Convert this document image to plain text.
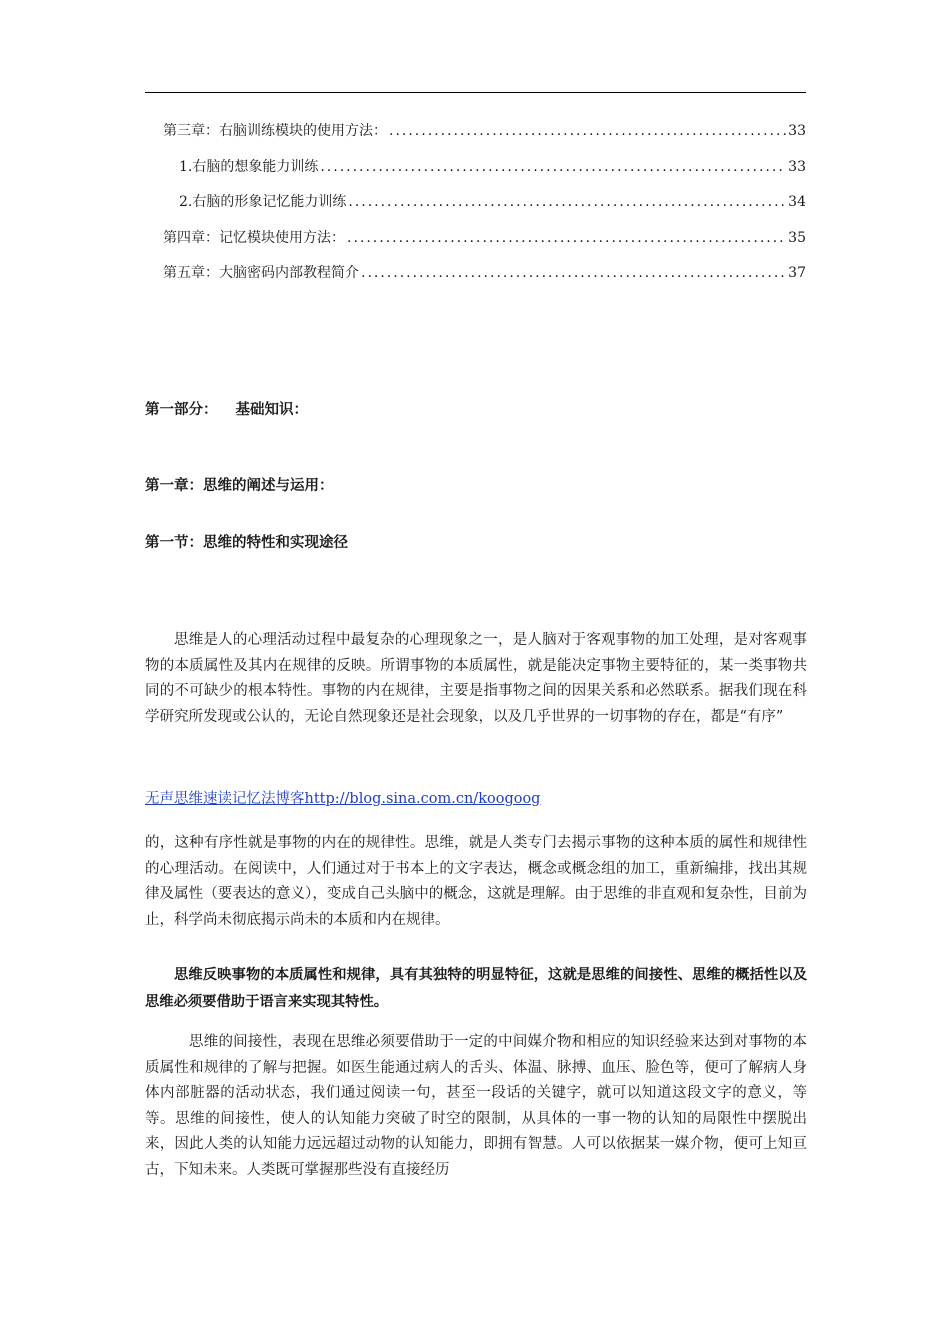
第三章：右脑训练模块的使用方法： .....	33
1.右脑的想象能力训练 .....	33
2.右脑的形象记忆能力训练 .....	34
第四章：记忆模块使用方法： .....	35
第五章：大脑密码内部教程简介 .....	37
第一部分： 基础知识：
第一章：思维的阐述与运用：
第一节：思维的特性和实现途径
思维是人的心理活动过程中最复杂的心理现象之一，是人脑对于客观事物的加工处理，是对客观事物的本质属性及其内在规律的反映。所谓事物的本质属性，就是能决定事物主要特征的，某一类事物共同的不可缺少的根本特性。事物的内在规律，主要是指事物之间的因果关系和必然联系。据我们现在科学研究所发现或公认的，无论自然现象还是社会现象，以及几乎世界的一切事物的存在，都是“有序”
无声思维速读记忆法博客http://blog.sina.com.cn/koogoog
的，这种有序性就是事物的内在的规律性。思维，就是人类专门去揭示事物的这种本质的属性和规律性的心理活动。在阅读中，人们通过对于书本上的文字表达，概念或概念组的加工，重新编排，找出其规律及属性（要表达的意义），变成自己头脑中的概念，这就是理解。由于思维的非直观和复杂性，目前为止，科学尚未彻底揭示尚未的本质和内在规律。
思维反映事物的本质属性和规律，具有其独特的明显特征，这就是思维的间接性、思维的概括性以及思维必须要借助于语言来实现其特性。
思维的间接性，表现在思维必须要借助于一定的中间媒介物和相应的知识经验来达到对事物的本质属性和规律的了解与把握。如医生能通过病人的舌头、体温、脉搏、血压、脸色等，便可了解病人身体内部脏器的活动状态，我们通过阅读一句，甚至一段话的关键字，就可以知道这段文字的意义，等等。思维的间接性，使人的认知能力突破了时空的限制，从具体的一事一物的认知的局限性中摆脱出来，因此人类的认知能力远远超过动物的认知能力，即拥有智慧。人可以依据某一媒介物，便可上知亘古，下知未来。人类既可掌握那些没有直接经历
